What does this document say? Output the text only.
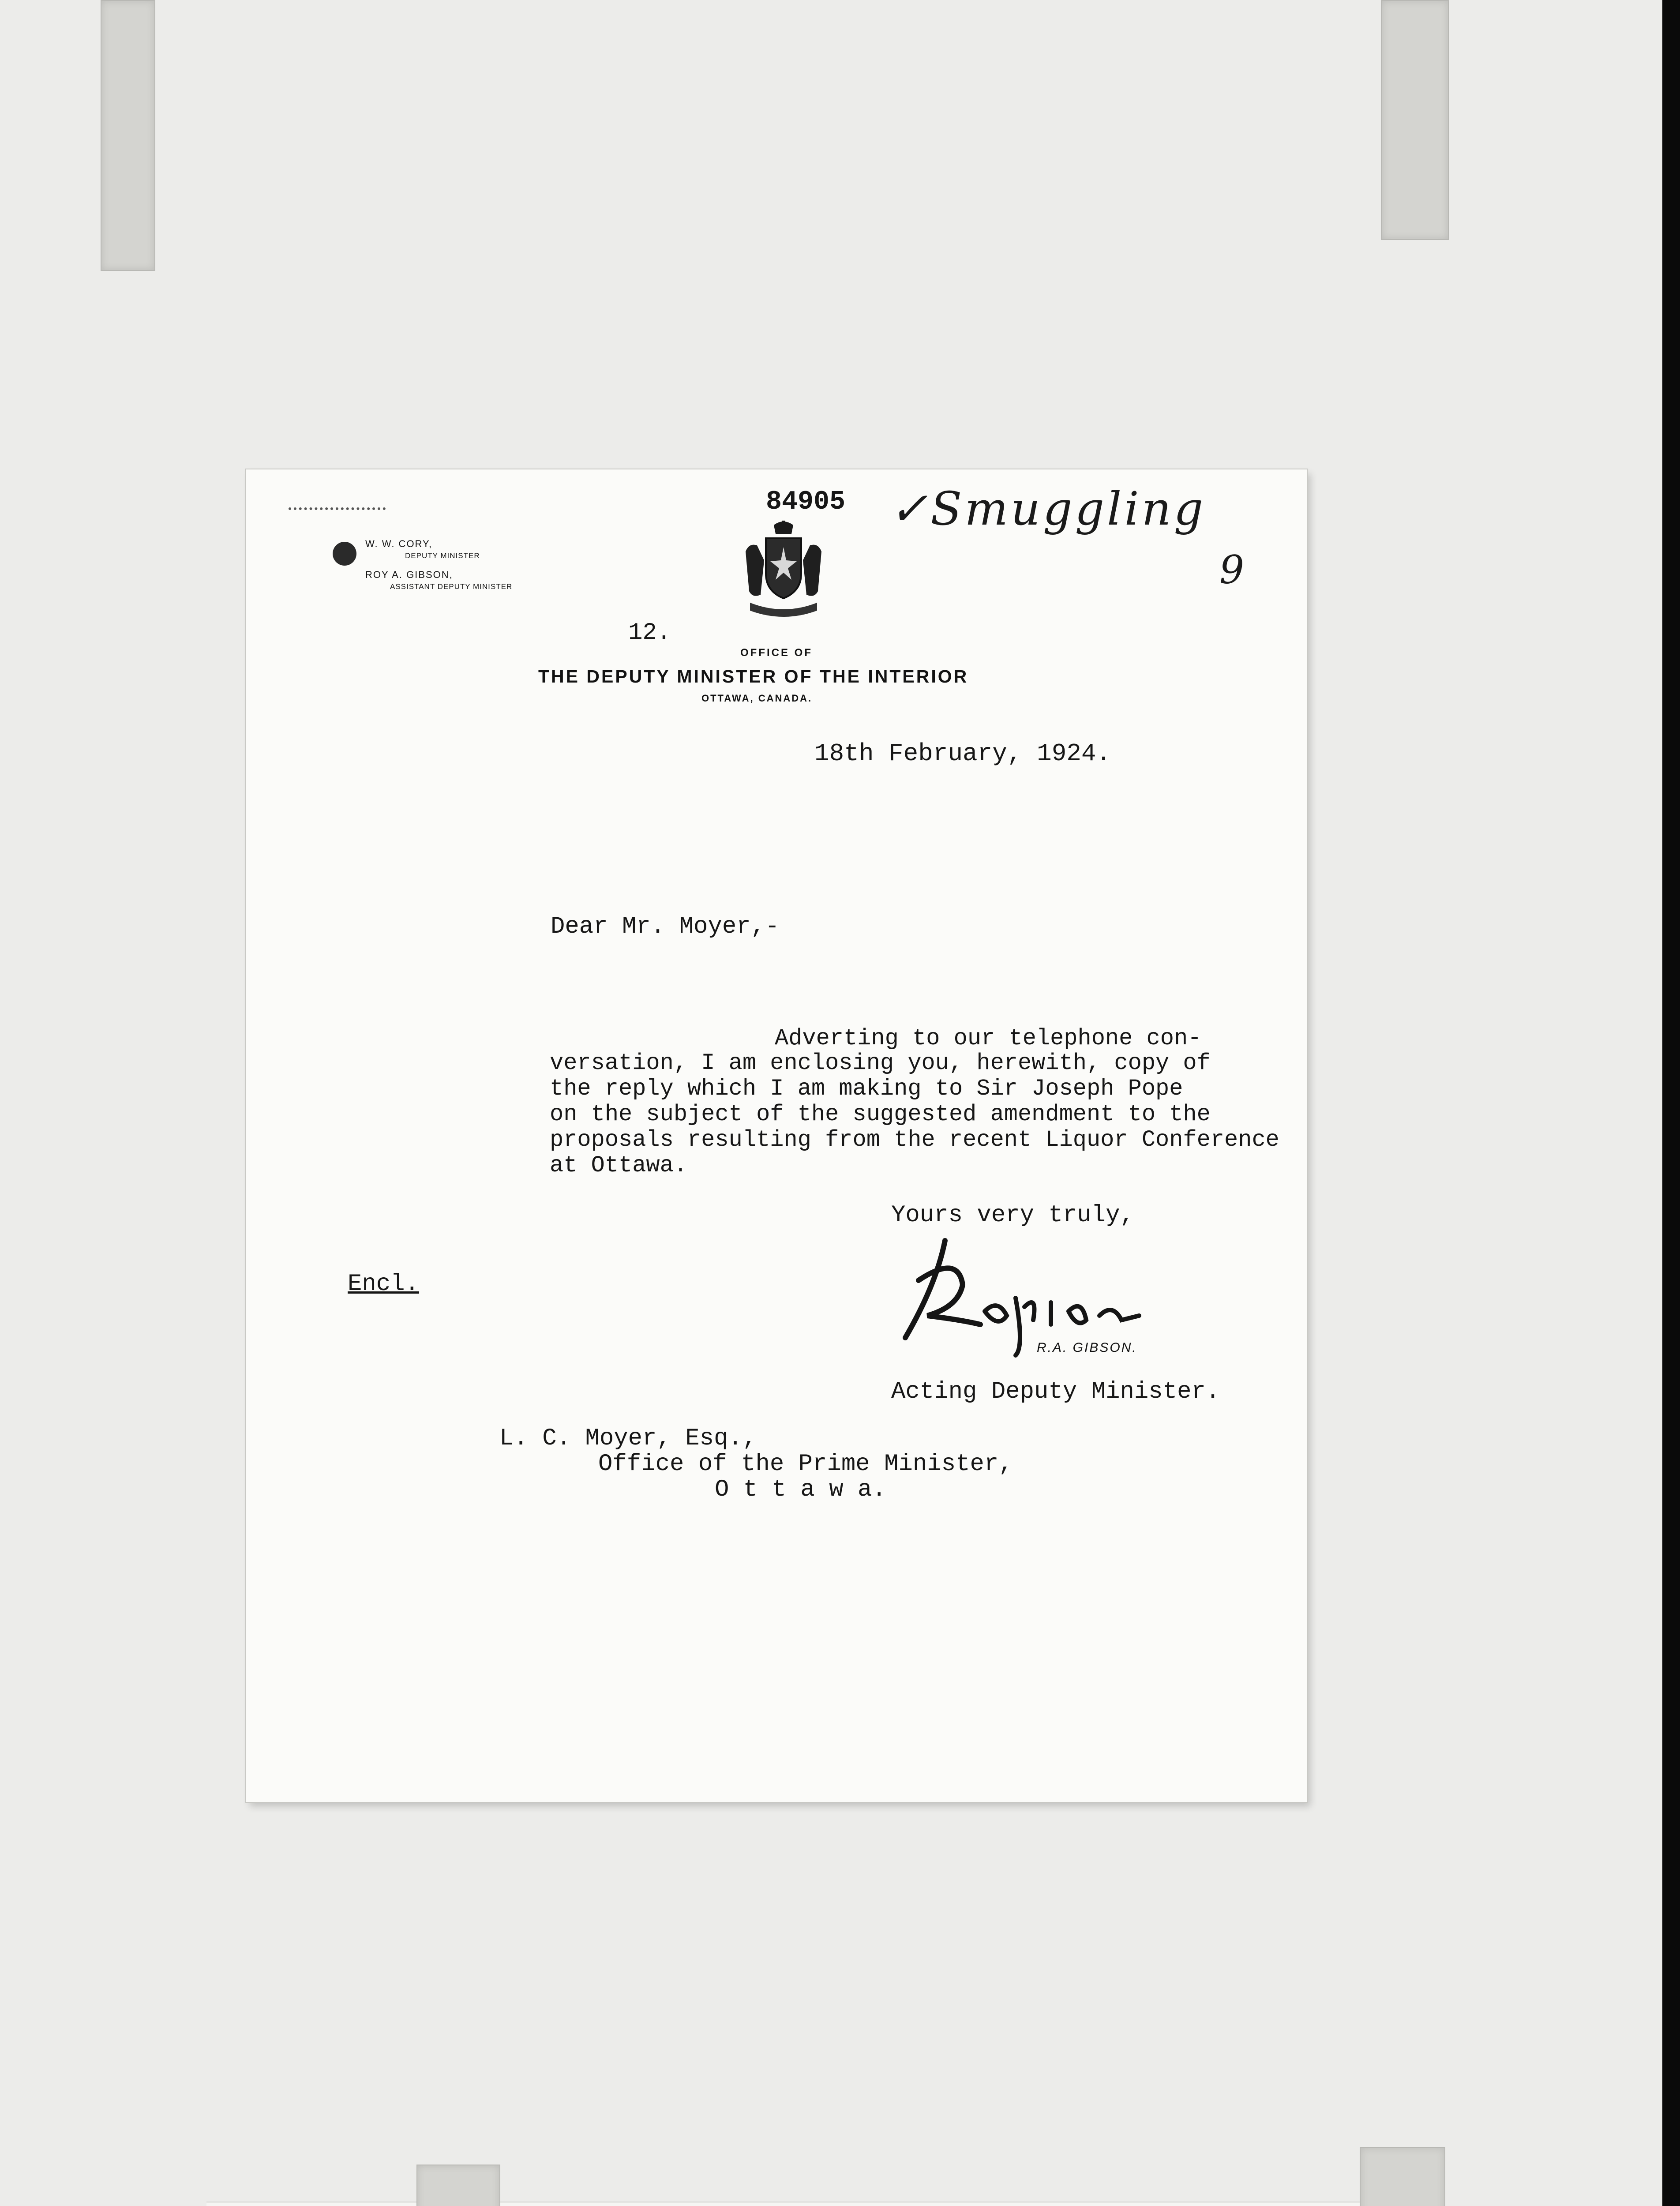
W. W. CORY,
DEPUTY MINISTER
ROY A. GIBSON,
ASSISTANT DEPUTY MINISTER
84905 ✓Smuggling
9
12.
OFFICE OF
THE DEPUTY MINISTER OF THE INTERIOR
OTTAWA, CANADA.
18th February, 1924.
Dear Mr. Moyer,-
Adverting to our telephone con-
versation, I am enclosing you, herewith, copy of
the reply which I am making to Sir Joseph Pope
on the subject of the suggested amendment to the
proposals resulting from the recent Liquor Conference
at Ottawa.
Yours very truly,
R.A. GIBSON.
Encl.
Acting Deputy Minister.
L. C. Moyer, Esq.,
Office of the Prime Minister,
O t t a w a.
